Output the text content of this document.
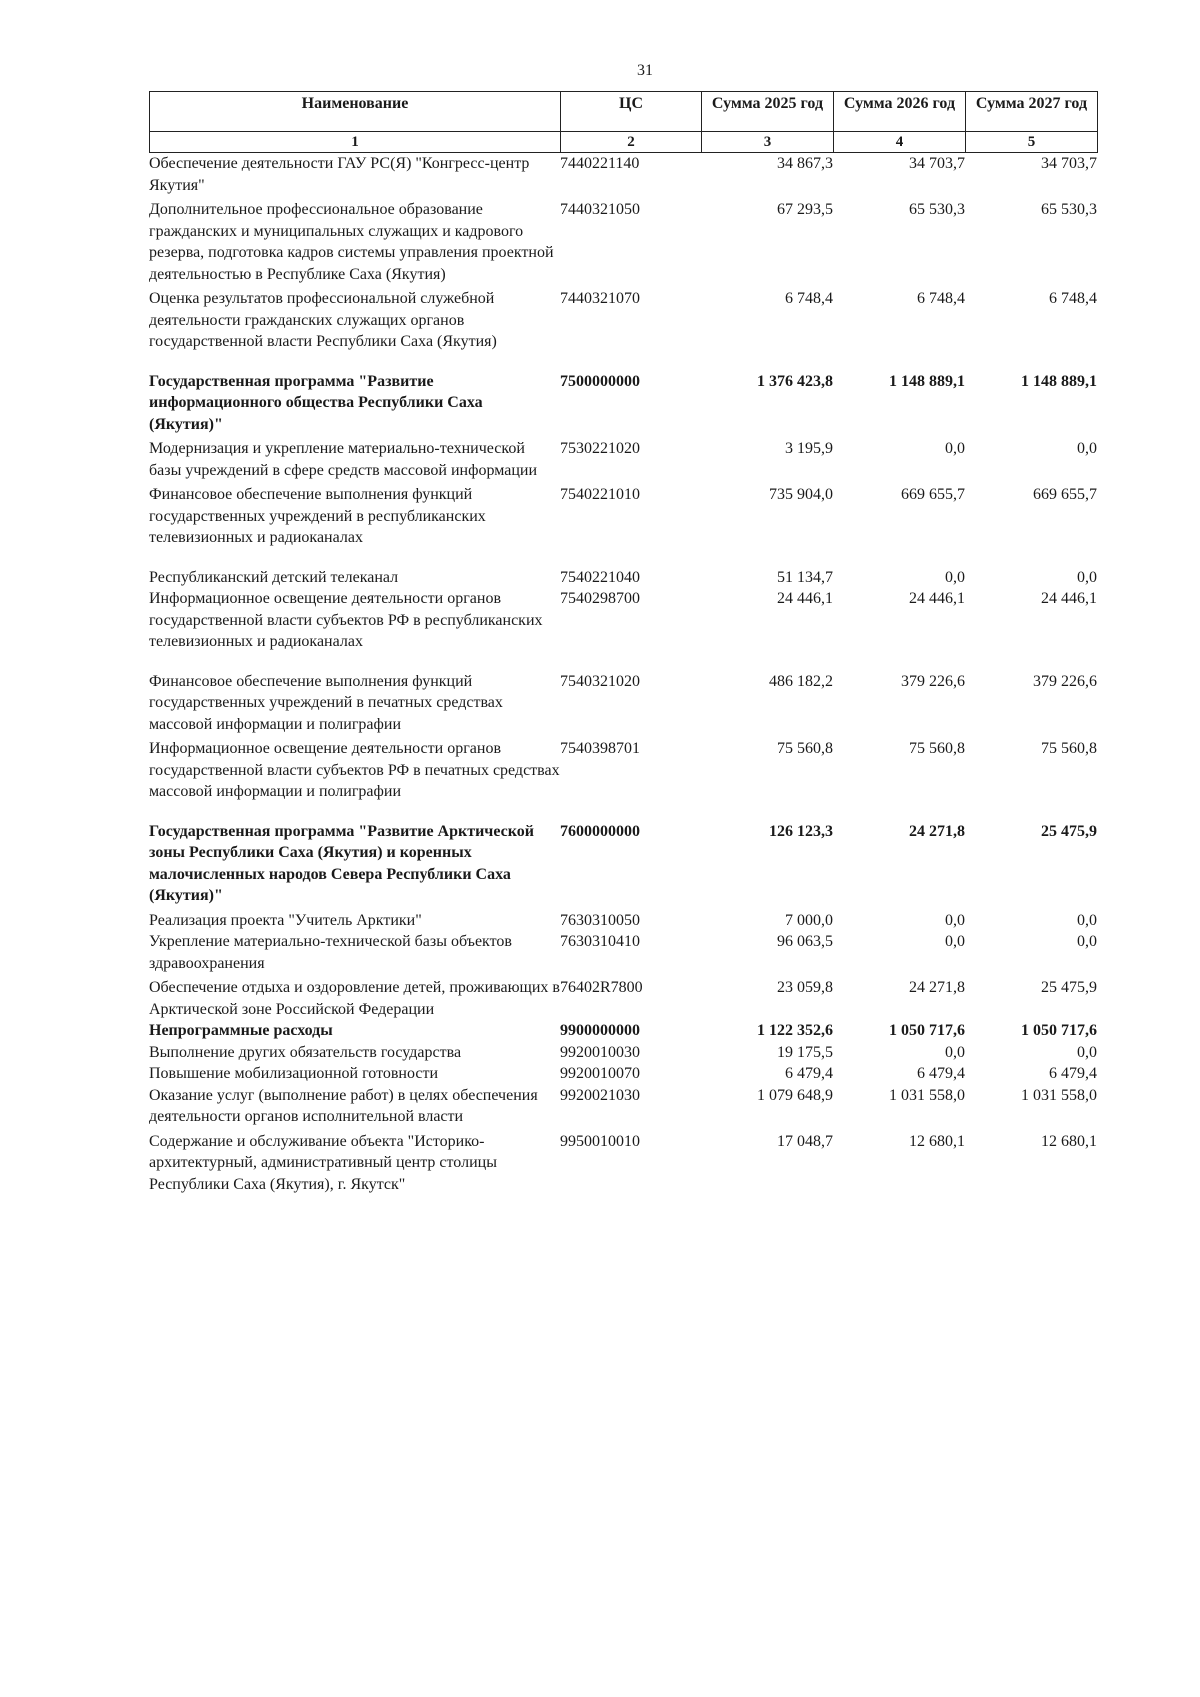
31
Наименование	ЦС	Сумма 2025 год	Сумма 2026 год	Сумма 2027 год
1	2	3	4	5
Обеспечение деятельности ГАУ РС(Я) "Конгресс-центр Якутия"	7440221140	34 867,3	34 703,7	34 703,7
Дополнительное профессиональное образование гражданских и муниципальных служащих и кадрового резерва, подготовка кадров системы управления проектной деятельностью в Республике Саха (Якутия)	7440321050	67 293,5	65 530,3	65 530,3
Оценка результатов профессиональной служебной деятельности гражданских служащих органов государственной власти Республики Саха (Якутия)	7440321070	6 748,4	6 748,4	6 748,4
Государственная программа "Развитие информационного общества Республики Саха (Якутия)"	7500000000	1 376 423,8	1 148 889,1	1 148 889,1
Модернизация и укрепление материально-технической базы учреждений в сфере средств массовой информации	7530221020	3 195,9	0,0	0,0
Финансовое обеспечение выполнения функций государственных учреждений в республиканских телевизионных и радиоканалах	7540221010	735 904,0	669 655,7	669 655,7
Республиканский детский телеканал	7540221040	51 134,7	0,0	0,0
Информационное освещение деятельности органов государственной власти субъектов РФ в республиканских телевизионных и радиоканалах	7540298700	24 446,1	24 446,1	24 446,1
Финансовое обеспечение выполнения функций государственных учреждений в печатных средствах массовой информации и полиграфии	7540321020	486 182,2	379 226,6	379 226,6
Информационное освещение деятельности органов государственной власти субъектов РФ в печатных средствах массовой информации и полиграфии	7540398701	75 560,8	75 560,8	75 560,8
Государственная программа "Развитие Арктической зоны Республики Саха (Якутия) и коренных малочисленных народов Севера Республики Саха (Якутия)"	7600000000	126 123,3	24 271,8	25 475,9
Реализация проекта "Учитель Арктики"	7630310050	7 000,0	0,0	0,0
Укрепление материально-технической базы объектов здравоохранения	7630310410	96 063,5	0,0	0,0
Обеспечение отдыха и оздоровление детей, проживающих в Арктической зоне Российской Федерации	76402R7800	23 059,8	24 271,8	25 475,9
Непрограммные расходы	9900000000	1 122 352,6	1 050 717,6	1 050 717,6
Выполнение других обязательств государства	9920010030	19 175,5	0,0	0,0
Повышение мобилизационной готовности	9920010070	6 479,4	6 479,4	6 479,4
Оказание услуг (выполнение работ) в целях обеспечения деятельности органов исполнительной власти	9920021030	1 079 648,9	1 031 558,0	1 031 558,0
Содержание и обслуживание объекта "Историко-архитектурный, административный центр столицы Республики Саха (Якутия), г. Якутск"	9950010010	17 048,7	12 680,1	12 680,1
